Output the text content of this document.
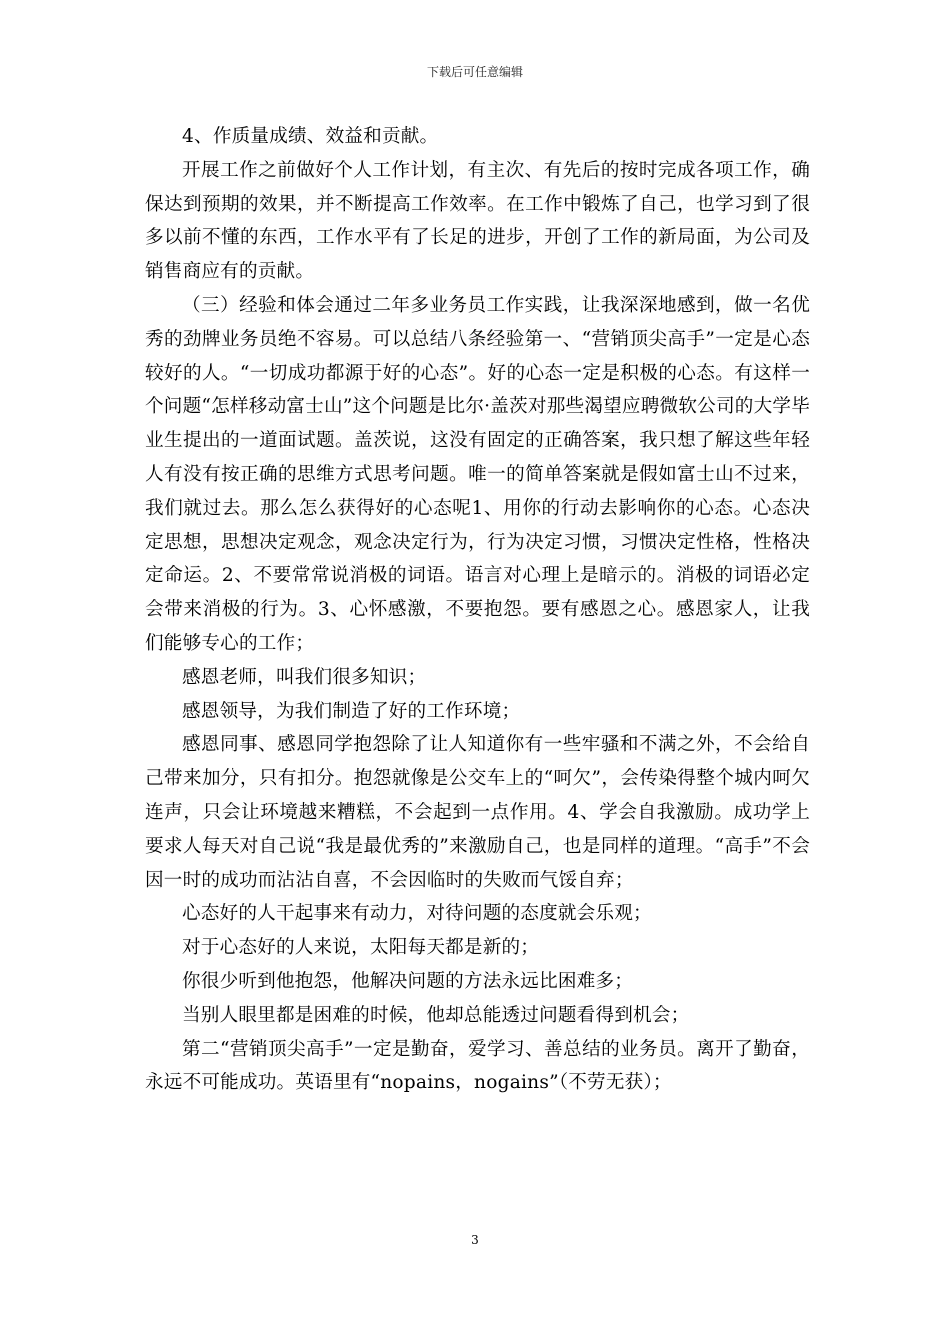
下载后可任意编辑

4、作质量成绩、效益和贡献。

开展工作之前做好个人工作计划，有主次、有先后的按时完成各项工作，确保达到预期的效果，并不断提高工作效率。在工作中锻炼了自己，也学习到了很多以前不懂的东西，工作水平有了长足的进步，开创了工作的新局面，为公司及销售商应有的贡献。

（三）经验和体会通过二年多业务员工作实践，让我深深地感到，做一名优秀的劲牌业务员绝不容易。可以总结八条经验第一、“营销顶尖高手”一定是心态较好的人。“一切成功都源于好的心态”。好的心态一定是积极的心态。有这样一个问题“怎样移动富士山”这个问题是比尔·盖茨对那些渴望应聘微软公司的大学毕业生提出的一道面试题。盖茨说，这没有固定的正确答案，我只想了解这些年轻人有没有按正确的思维方式思考问题。唯一的简单答案就是假如富士山不过来，我们就过去。那么怎么获得好的心态呢1、用你的行动去影响你的心态。心态决定思想，思想决定观念，观念决定行为，行为决定习惯，习惯决定性格，性格决定命运。2、不要常常说消极的词语。语言对心理上是暗示的。消极的词语必定会带来消极的行为。3、心怀感激，不要抱怨。要有感恩之心。感恩家人，让我们能够专心的工作；

感恩老师，叫我们很多知识；

感恩领导，为我们制造了好的工作环境；

感恩同事、感恩同学抱怨除了让人知道你有一些牢骚和不满之外，不会给自己带来加分，只有扣分。抱怨就像是公交车上的“呵欠”，会传染得整个城内呵欠连声，只会让环境越来糟糕，不会起到一点作用。4、学会自我激励。成功学上要求人每天对自己说“我是最优秀的”来激励自己，也是同样的道理。“高手”不会因一时的成功而沾沾自喜，不会因临时的失败而气馁自弃；

心态好的人干起事来有动力，对待问题的态度就会乐观；

对于心态好的人来说，太阳每天都是新的；

你很少听到他抱怨，他解决问题的方法永远比困难多；

当别人眼里都是困难的时候，他却总能透过问题看得到机会；

第二“营销顶尖高手”一定是勤奋，爱学习、善总结的业务员。离开了勤奋，永远不可能成功。英语里有“nopains，nogains”（不劳无获）；

3
